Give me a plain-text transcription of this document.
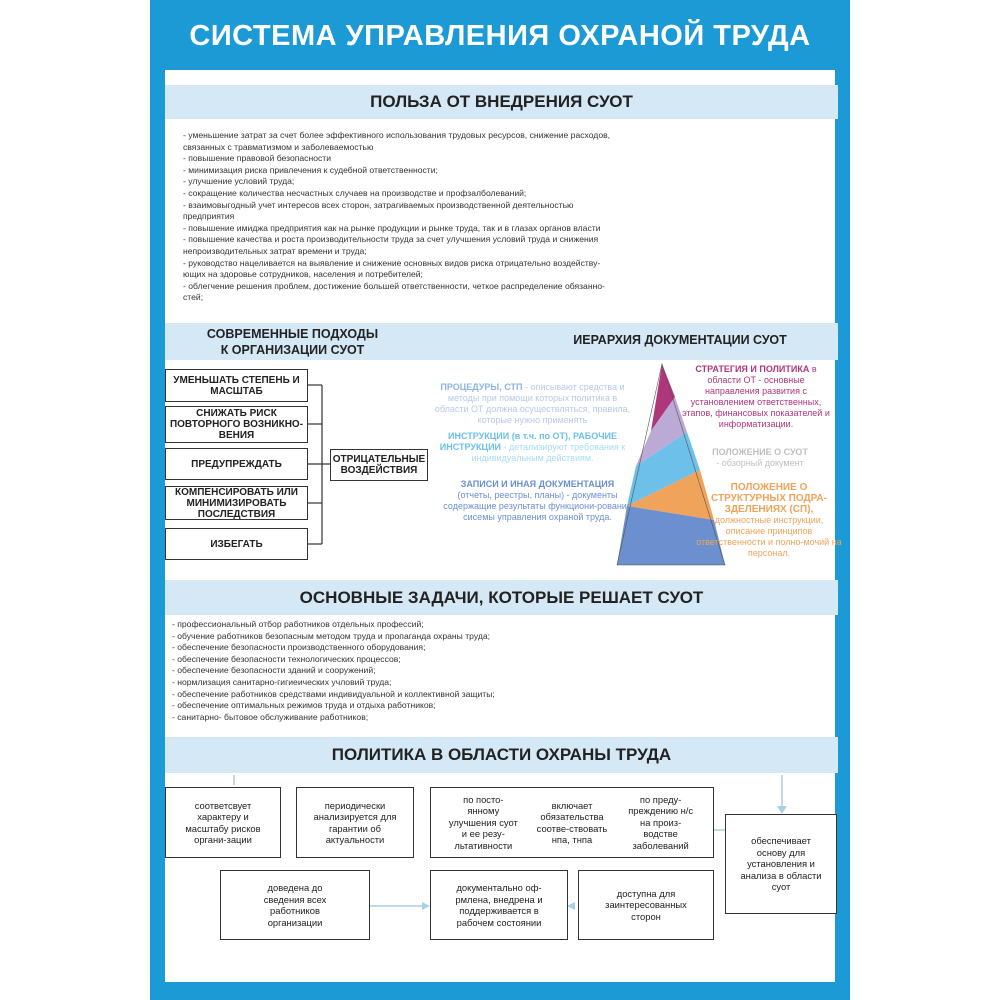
СИСТЕМА УПРАВЛЕНИЯ ОХРАНОЙ ТРУДА
ПОЛЬЗА ОТ ВНЕДРЕНИЯ СУОТ
- уменьшение затрат за счет более эффективного использования трудовых ресурсов, снижение расходов,
связанных с травматизмом и заболеваемостью
- повышение правовой безопасности
- минимизация риска привлечения к судебной ответственности;
- улучшение условий труда;
- сокращение количества несчастных случаев на производстве и профзалболеваний;
- взаимовыгодный учет интересов всех сторон, затрагиваемых производственной деятельностью
предприятия
- повышение имиджа предприятия как на рынке продукции и рынке труда, так и в глазах органов власти
- повышение качества и роста производительности труда за счет улучшения условий труда и снижения
непроизводительных затрат времени и труда;
- руководство нацеливается на выявление и снижение основных видов риска отрицательно воздейству-
ющих на здоровье сотрудников, населения и потребителей;
- облегчение решения проблем, достижение большей ответственности, четкое распределение обязанно-
стей;
СОВРЕМЕННЫЕ ПОДХОДЫ
К ОРГАНИЗАЦИИ СУОТ
ИЕРАРХИЯ ДОКУМЕНТАЦИИ СУОТ
УМЕНЬШАТЬ СТЕПЕНЬ И МАСШТАБ
СНИЖАТЬ РИСК ПОВТОРНОГО ВОЗНИКНО-ВЕНИЯ
ПРЕДУПРЕЖДАТЬ
КОМПЕНСИРОВАТЬ ИЛИ МИНИМИЗИРОВАТЬ ПОСЛЕДСТВИЯ
ИЗБЕГАТЬ
ОТРИЦАТЕЛЬНЫЕ ВОЗДЕЙСТВИЯ
ПРОЦЕДУРЫ, СТП - описывают средства и методы при помощи которых политика в области ОТ должна осуществляться, правила, которые нужно применять
ИНСТРУКЦИИ (в т.ч. по ОТ), РАБОЧИЕ ИНСТРУКЦИИ - детализируют требования к индивидуальным действиям.
ЗАПИСИ И ИНАЯ ДОКУМЕНТАЦИЯ
(отчеты, реестры, планы) - документы содержащие результаты функциони-рования сисемы управления охраной труда.
СТРАТЕГИЯ И ПОЛИТИКА в области ОТ - основные направления развития с установлением ответственных, этапов, финансовых показателей и информатизации.
ПОЛОЖЕНИЕ О СУОТ
- обзорный документ
ПОЛОЖЕНИЕ О СТРУКТУРНЫХ ПОДРА-ЗДЕЛЕНИЯХ (СП),
должностные инструкции, описание принципов ответственности и полно-мочий на персонал.
ОСНОВНЫЕ ЗАДАЧИ, КОТОРЫЕ РЕШАЕТ СУОТ
- профессиональный отбор работников отдельных профессий;
- обучение работников безопасным методом труда и пропаганда охраны труда;
- обеспечение безопасности производственного оборудования;
- обеспечение безопасности технологических процессов;
- обеспечение безопасности зданий и сооружений;
- нормлизация санитарно-гигиеических учловий труда;
- обеспечение работников средствами индивидуальной и коллективной защиты;
- обеспечение оптимальных режимов труда и отдыха работников;
- санитарно- бытовое обслуживание работников;
ПОЛИТИКА В ОБЛАСТИ ОХРАНЫ ТРУДА
соответсвует характеру и масштабу рисков органи-зации
периодически анализируется для гарантии об актуальности
по посто-янному улучшения суот и ее резу-льтативности
включает обязательства соотве-ствовать нпа, тнпа
по преду-преждению н/с на произ-водстве заболеваний	обеспечивает основу для установления и анализа в области суот
доведена до сведения всех работников организации
документально оф-рмлена, внедрена и поддерживается в рабочем состоянии
доступна для заинтересованных сторон
